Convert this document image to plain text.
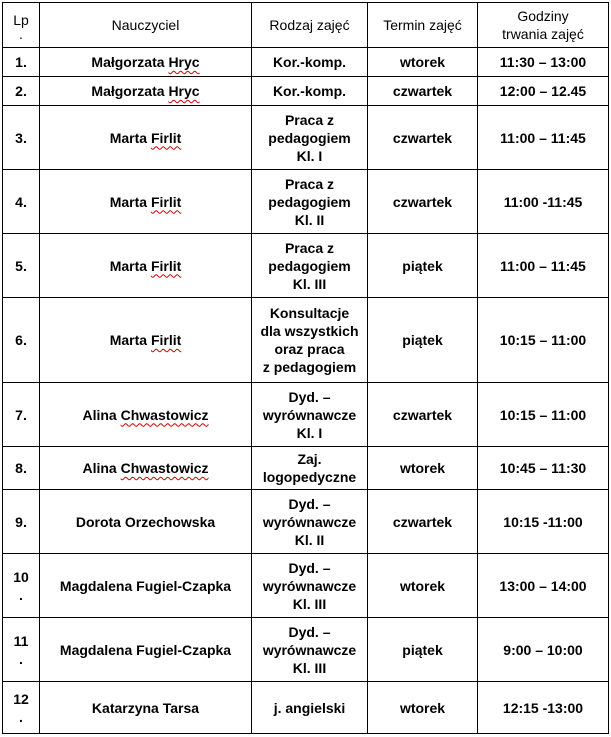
Lp
.	Nauczyciel	Rodzaj zajęć	Termin zajęć	Godziny
trwania zajęć
1.	Małgorzata Hryc	Kor.-komp.	wtorek	11:30 – 13:00
2.	Małgorzata Hryc	Kor.-komp.	czwartek	12:00 – 12.45
3.	Marta Firlit	Praca z
pedagogiem
Kl. I	czwartek	11:00 – 11:45
4.	Marta Firlit	Praca z
pedagogiem
Kl. II	czwartek	11:00 -11:45
5.	Marta Firlit	Praca z
pedagogiem
Kl. III	piątek	11:00 – 11:45
6.	Marta Firlit	Konsultacje
dla wszystkich
oraz praca
z pedagogiem	piątek	10:15 – 11:00
7.	Alina Chwastowicz	Dyd. –
wyrównawcze
Kl. I	czwartek	10:15 – 11:00
8.	Alina Chwastowicz	Zaj.
logopedyczne	wtorek	10:45 – 11:30
9.	Dorota Orzechowska	Dyd. –
wyrównawcze
Kl. II	czwartek	10:15 -11:00
10
.	Magdalena Fugiel-Czapka	Dyd. –
wyrównawcze
Kl. III	wtorek	13:00 – 14:00
11
.	Magdalena Fugiel-Czapka	Dyd. –
wyrównawcze
Kl. III	piątek	9:00 – 10:00
12
.	Katarzyna Tarsa	j. angielski	wtorek	12:15 -13:00
